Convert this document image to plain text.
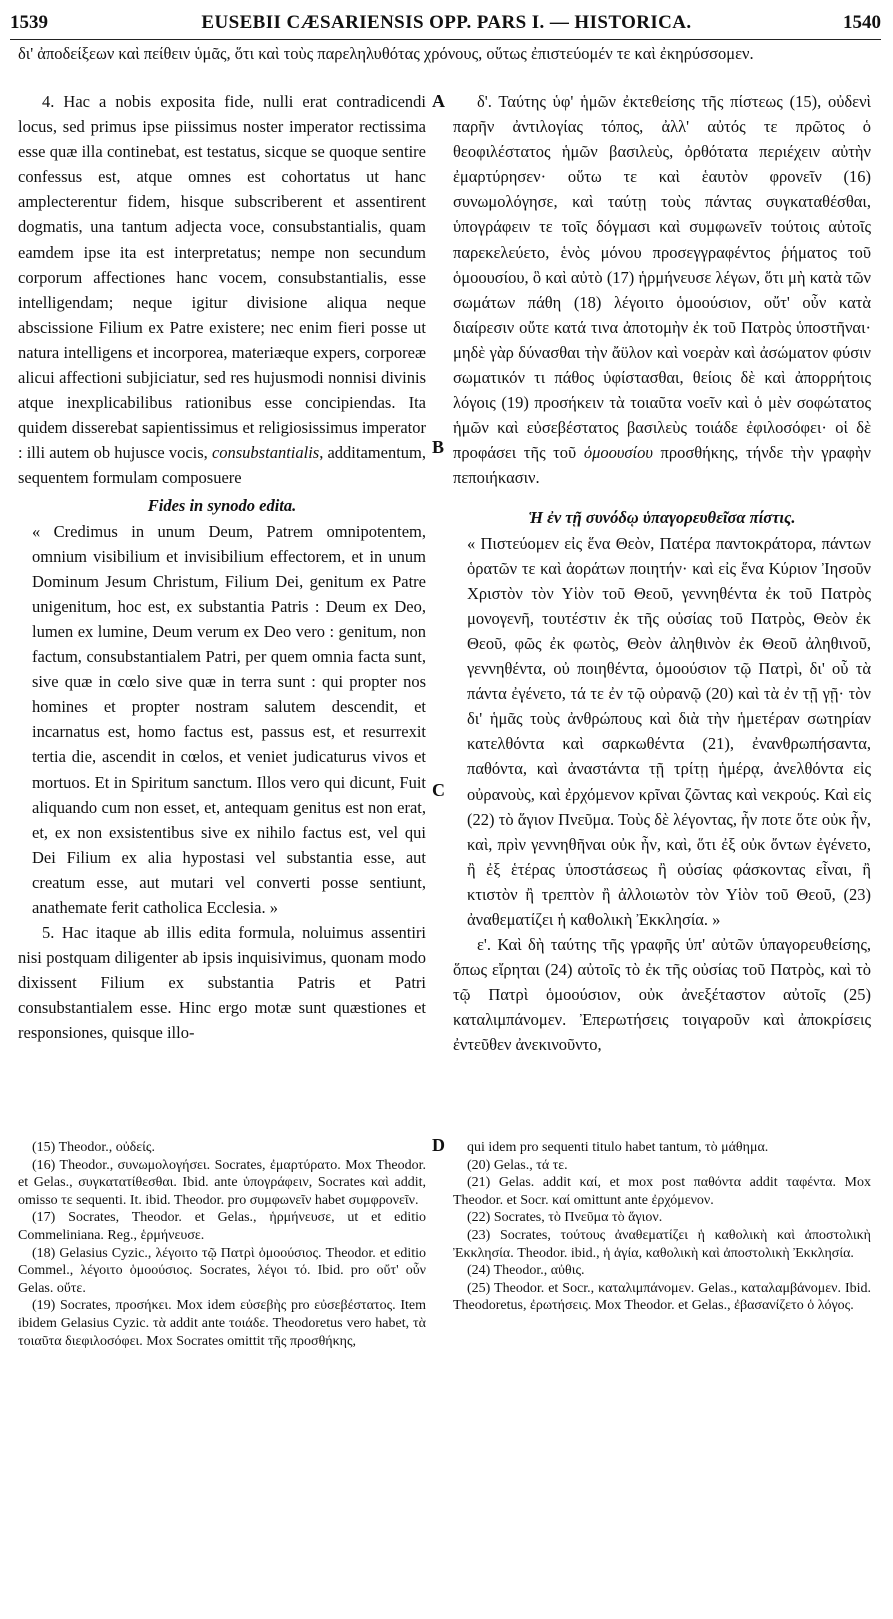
1539	EUSEBII CÆSARIENSIS OPP. PARS I. — HISTORICA.	1540
δι' ἀποδείξεων καὶ πείθειν ὑμᾶς, ὅτι καὶ τοὺς παρεληλυθότας χρόνους, οὕτως ἐπιστεύομέν τε καὶ ἐκηρύσσομεν.

4. Hac a nobis exposita fide, nulli erat contradicendi locus, sed primus ipse piissimus noster imperator rectissima esse quæ illa continebat, est testatus, sicque se quoque sentire confessus est, atque omnes est cohortatus ut hanc amplecterentur fidem, hisque subscriberent et assentirent dogmatis, una tantum adjecta voce, consubstantialis, quam eamdem ipse ita est interpretatus; nempe non secundum corporum affectiones hanc vocem, consubstantialis, esse intelligendam; neque igitur divisione aliqua neque abscissione Filium ex Patre existere; nec enim fieri posse ut natura intelligens et incorporea, materiæque expers, corporeæ alicui affectioni subjiciatur, sed res hujusmodi nonnisi divinis atque inexplicabilibus rationibus esse concipiendas. Ita quidem disserebat sapientissimus et religiosissimus imperator : illi autem ob hujusce vocis, consubstantialis, additamentum, sequentem formulam composuere

Fides in synodo edita.

« Credimus in unum Deum, Patrem omnipotentem, omnium visibilium et invisibilium effectorem, et in unum Dominum Jesum Christum, Filium Dei, genitum ex Patre unigenitum, hoc est, ex substantia Patris : Deum ex Deo, lumen ex lumine, Deum verum ex Deo vero : genitum, non factum, consubstantialem Patri, per quem omnia facta sunt, sive quæ in cœlo sive quæ in terra sunt : qui propter nos homines et propter nostram salutem descendit, et incarnatus est, homo factus est, passus est, et resurrexit tertia die, ascendit in cœlos, et veniet judicaturus vivos et mortuos. Et in Spiritum sanctum. Illos vero qui dicunt, Fuit aliquando cum non esset, et, antequam genitus est non erat, et, ex non exsistentibus sive ex nihilo factus est, vel qui Dei Filium ex alia hypostasi vel substantia esse, aut creatum esse, aut mutari vel converti posse sentiunt, anathemate ferit catholica Ecclesia. »

5. Hac itaque ab illis edita formula, noluimus assentiri nisi postquam diligenter ab ipsis inquisivimus, quonam modo dixissent Filium ex substantia Patris et Patri consubstantialem esse. Hinc ergo motæ sunt quæstiones et responsiones, quisque illo-

δ'. Ταύτης ὑφ' ἡμῶν ἐκτεθείσης τῆς πίστεως (15), οὐδενὶ παρῆν ἀντιλογίας τόπος, ἀλλ' αὐτός τε πρῶτος ὁ θεοφιλέστατος ἡμῶν βασιλεὺς, ὀρθότατα περιέχειν αὐτὴν ἐμαρτύρησεν· οὕτω τε καὶ ἑαυτὸν φρονεῖν (16) συνωμολόγησε, καὶ ταύτῃ τοὺς πάντας συγκαταθέσθαι, ὑπογράφειν τε τοῖς δόγμασι καὶ συμφωνεῖν τούτοις αὐτοῖς παρεκελεύετο, ἑνὸς μόνου προσεγγραφέντος ῥήματος τοῦ ὁμοουσίου, ὃ καὶ αὐτὸ (17) ἡρμήνευσε λέγων, ὅτι μὴ κατὰ τῶν σωμάτων πάθη (18) λέγοιτο ὁμοούσιον, οὔτ' οὖν κατὰ διαίρεσιν οὔτε κατά τινα ἀποτομὴν ἐκ τοῦ Πατρὸς ὑποστῆναι· μηδὲ γὰρ δύνασθαι τὴν ἄϋλον καὶ νοερὰν καὶ ἀσώματον φύσιν σωματικόν τι πάθος ὑφίστασθαι, θείοις δὲ καὶ ἀπορρήτοις λόγοις (19) προσήκειν τὰ τοιαῦτα νοεῖν καὶ ὁ μὲν σοφώτατος ἡμῶν καὶ εὐσεβέστατος βασιλεὺς τοιάδε ἐφιλοσόφει· οἱ δὲ προφάσει τῆς τοῦ ὁμοουσίου προσθήκης, τήνδε τὴν γραφὴν πεποιήκασιν.

Ἡ ἐν τῇ συνόδῳ ὑπαγορευθεῖσα πίστις.

« Πιστεύομεν εἰς ἕνα Θεὸν, Πατέρα παντοκράτορα, πάντων ὁρατῶν τε καὶ ἀοράτων ποιητήν· καὶ εἰς ἕνα Κύριον Ἰησοῦν Χριστὸν τὸν Υἱὸν τοῦ Θεοῦ, γεννηθέντα ἐκ τοῦ Πατρὸς μονογενῆ, τουτέστιν ἐκ τῆς οὐσίας τοῦ Πατρὸς, Θεὸν ἐκ Θεοῦ, φῶς ἐκ φωτὸς, Θεὸν ἀληθινὸν ἐκ Θεοῦ ἀληθινοῦ, γεννηθέντα, οὐ ποιηθέντα, ὁμοούσιον τῷ Πατρὶ, δι' οὗ τὰ πάντα ἐγένετο, τά τε ἐν τῷ οὐρανῷ (20) καὶ τὰ ἐν τῇ γῇ· τὸν δι' ἡμᾶς τοὺς ἀνθρώπους καὶ διὰ τὴν ἡμετέραν σωτηρίαν κατελθόντα καὶ σαρκωθέντα (21), ἐνανθρωπήσαντα, παθόντα, καὶ ἀναστάντα τῇ τρίτῃ ἡμέρᾳ, ἀνελθόντα εἰς οὐρανοὺς, καὶ ἐρχόμενον κρῖναι ζῶντας καὶ νεκρούς. Καὶ εἰς (22) τὸ ἅγιον Πνεῦμα. Τοὺς δὲ λέγοντας, ἦν ποτε ὅτε οὐκ ἦν, καὶ, πρὶν γεννηθῆναι οὐκ ἦν, καὶ, ὅτι ἐξ οὐκ ὄντων ἐγένετο, ἢ ἐξ ἑτέρας ὑποστάσεως ἢ οὐσίας φάσκοντας εἶναι, ἢ κτιστὸν ἢ τρεπτὸν ἢ ἀλλοιωτὸν τὸν Υἱὸν τοῦ Θεοῦ, (23) ἀναθεματίζει ἡ καθολικὴ Ἐκκλησία. »

ε'. Καὶ δὴ ταύτης τῆς γραφῆς ὑπ' αὐτῶν ὑπαγορευθείσης, ὅπως εἴρηται (24) αὐτοῖς τὸ ἐκ τῆς οὐσίας τοῦ Πατρὸς, καὶ τὸ τῷ Πατρὶ ὁμοούσιον, οὐκ ἀνεξέταστον αὐτοῖς (25) καταλιμπάνομεν. Ἐπερωτήσεις τοιγαροῦν καὶ ἀποκρίσεις ἐντεῦθεν ἀνεκινοῦντο,

A
B
C
D

(15) Theodor., οὐδείς.

(16) Theodor., συνωμολογήσει. Socrates, ἐμαρτύρατο. Mox Theodor. et Gelas., συγκατατίθεσθαι. Ibid. ante ὑπογράφειν, Socrates καὶ addit, omisso τε sequenti. It. ibid. Theodor. pro συμφωνεῖν habet συμφρονεῖν.

(17) Socrates, Theodor. et Gelas., ἡρμήνευσε, ut et editio Commeliniana. Reg., ἑρμήνευσε.

(18) Gelasius Cyzic., λέγοιτο τῷ Πατρὶ ὁμοούσιος. Theodor. et editio Commel., λέγοιτο ὁμοούσιος. Socrates, λέγοι τό. Ibid. pro οὔτ' οὖν Gelas. οὔτε.

(19) Socrates, προσήκει. Mox idem εὐσεβὴς pro εὐσεβέστατος. Item ibidem Gelasius Cyzic. τὰ addit ante τοιάδε. Theodoretus vero habet, τὰ τοιαῦτα διεφιλοσόφει. Mox Socrates omittit τῆς προσθήκης,

qui idem pro sequenti titulo habet tantum, τὸ μάθημα.

(20) Gelas., τά τε.

(21) Gelas. addit καί, et mox post παθόντα addit ταφέντα. Mox Theodor. et Socr. καί omittunt ante ἐρχόμενον.

(22) Socrates, τὸ Πνεῦμα τὸ ἅγιον.

(23) Socrates, τούτους ἀναθεματίζει ἡ καθολικὴ καὶ ἀποστολικὴ Ἐκκλησία. Theodor. ibid., ἡ ἁγία, καθολικὴ καὶ ἀποστολικὴ Ἐκκλησία.

(24) Theodor., αὐθις.

(25) Theodor. et Socr., καταλιμπάνομεν. Gelas., καταλαμβάνομεν. Ibid. Theodoretus, ἐρωτήσεις. Mox Theodor. et Gelas., ἐβασανίζετο ὁ λόγος.
